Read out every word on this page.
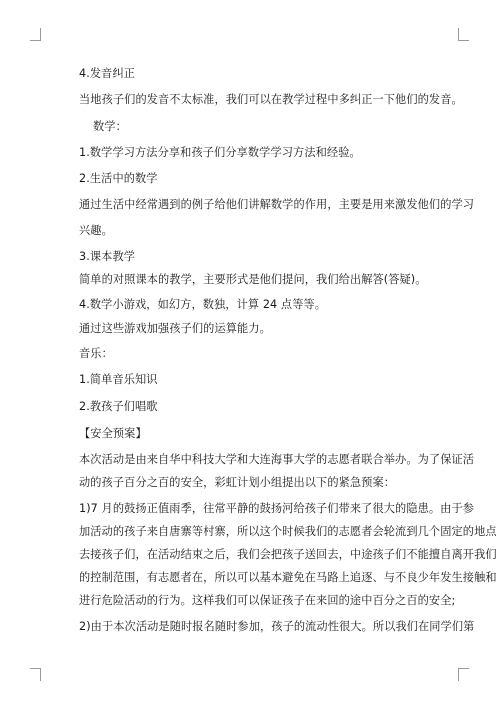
4.发音纠正
当地孩子们的发音不太标准，我们可以在教学过程中多纠正一下他们的发音。
数学：
1.数学学习方法分享和孩子们分享数学学习方法和经验。
2.生活中的数学
通过生活中经常遇到的例子给他们讲解数学的作用，主要是用来激发他们的学习
兴趣。
3.课本教学
简单的对照课本的教学，主要形式是他们提问，我们给出解答(答疑)。
4.数学小游戏，如幻方，数独，计算 24 点等等。
通过这些游戏加强孩子们的运算能力。
音乐：
1.简单音乐知识
2.教孩子们唱歌
【安全预案】
本次活动是由来自华中科技大学和大连海事大学的志愿者联合举办。为了保证活
动的孩子百分之百的安全，彩虹计划小组提出以下的紧急预案：
1)7 月的鼓扬正值雨季，往常平静的鼓扬河给孩子们带来了很大的隐患。由于参
加活动的孩子来自唐寨等村寨，所以这个时候我们的志愿者会轮流到几个固定的地点
去接孩子们，在活动结束之后，我们会把孩子送回去，中途孩子们不能擅自离开我们
的控制范围，有志愿者在，所以可以基本避免在马路上追逐、与不良少年发生接触和
进行危险活动的行为。这样我们可以保证孩子在来回的途中百分之百的安全;
2)由于本次活动是随时报名随时参加，孩子的流动性很大。所以我们在同学们第
